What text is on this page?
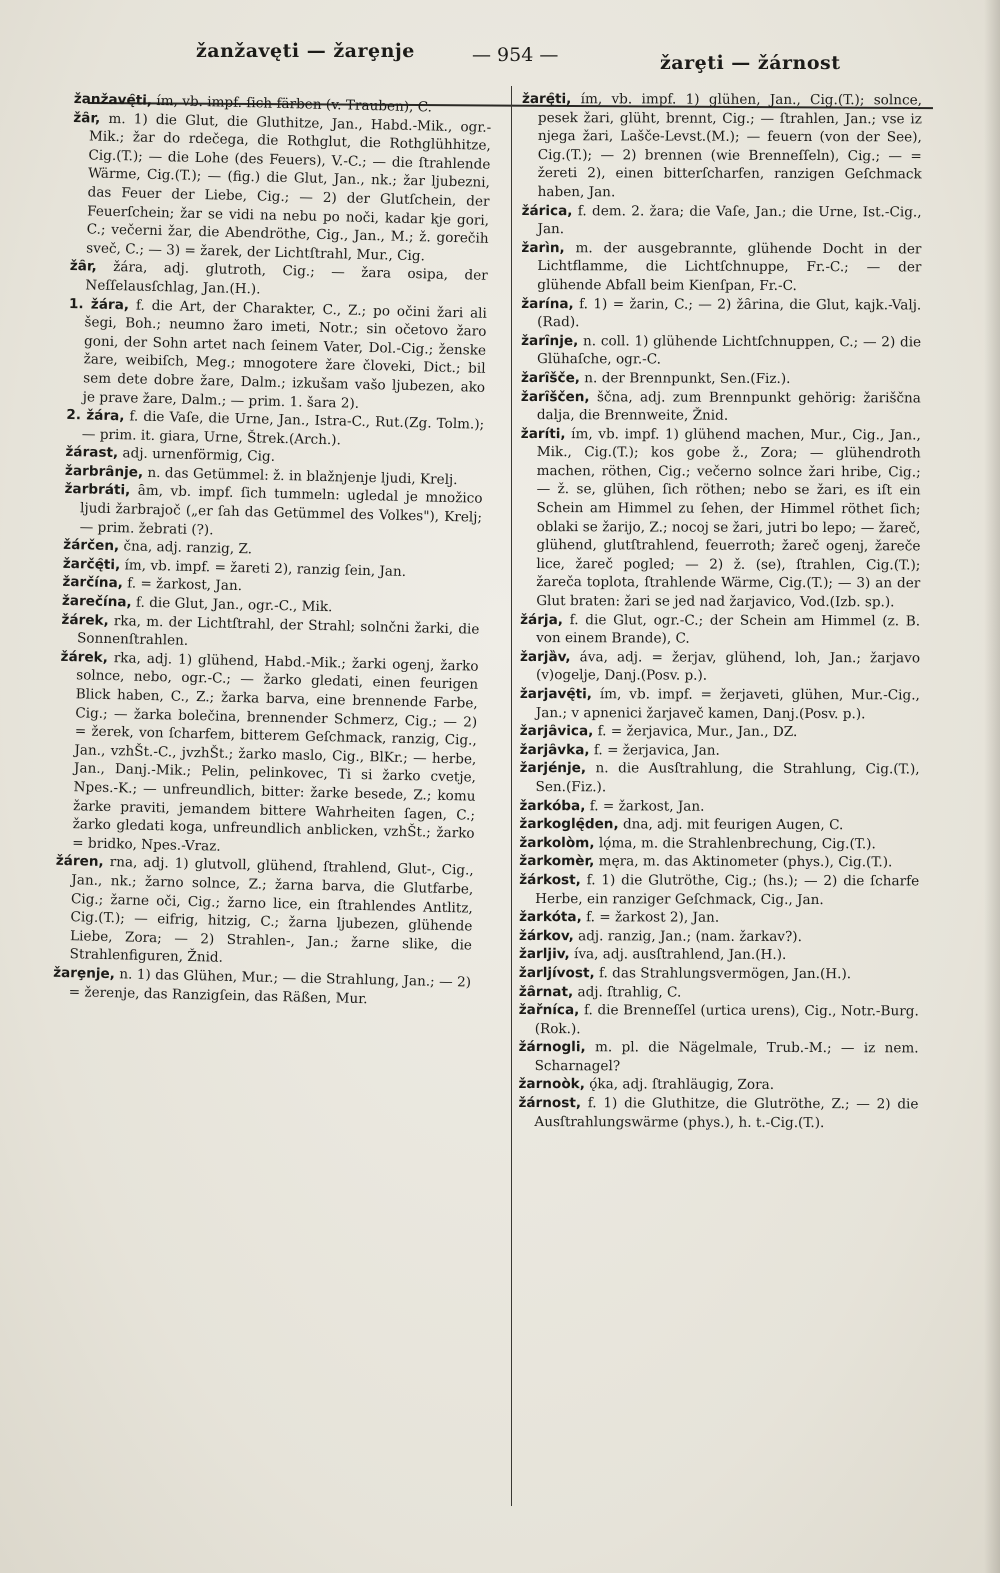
žanžavęti — žarȩnje	— 954 —	žarȩti — žárnost

žanžavę̑ti, ím, vb. impf. ſich färben (v. Trauben), C.

žȃr, m. 1) die Glut, die Gluthitze, Jan., Habd.-Mik., ogr.-Mik.; žar do rdečega, die Rothglut, die Rothglühhitze, Cig.(T.); — die Lohe (des Feuers), V.-C.; — die ſtrahlende Wärme, Cig.(T.); — (fig.) die Glut, Jan., nk.; žar ljubezni, das Feuer der Liebe, Cig.; — 2) der Glutſchein, der Feuerſchein; žar se vidi na nebu po noči, kadar kje gori, C.; večerni žar, die Abendröthe, Cig., Jan., M.; ž. gorečih sveč, C.; — 3) = žarek, der Lichtſtrahl, Mur., Cig.

žȃr, žára, adj. glutroth, Cig.; — žara osipa, der Neſſelausſchlag, Jan.(H.).

1. žára, f. die Art, der Charakter, C., Z.; po očini žari ali šegi, Boh.; neumno žaro imeti, Notr.; sin očetovo žaro goni, der Sohn artet nach ſeinem Vater, Dol.-Cig.; ženske žare, weibiſch, Meg.; mnogotere žare človeki, Dict.; bil sem dete dobre žare, Dalm.; izkušam vašo ljubezen, ako je prave žare, Dalm.; — prim. 1. šara 2).

2. žára, f. die Vaſe, die Urne, Jan., Istra-C., Rut.(Zg. Tolm.); — prim. it. giara, Urne, Štrek.(Arch.).

žárast, adj. urnenförmig, Cig.

žarbrȃnje, n. das Getümmel: ž. in blažnjenje ljudi, Krelj.

žarbráti, ȃm, vb. impf. ſich tummeln: ugledal je množico ljudi žarbrajoč („er ſah das Getümmel des Volkes"), Krelj; — prim. žebrati (?).

žárčen, čna, adj. ranzig, Z.

žarčę̑ti, ím, vb. impf. = žareti 2), ranzig ſein, Jan.

žarčína, f. = žarkost, Jan.

žarečína, f. die Glut, Jan., ogr.-C., Mik.

žárek, rka, m. der Lichtſtrahl, der Strahl; solnčni žarki, die Sonnenſtrahlen.

žárek, rka, adj. 1) glühend, Habd.-Mik.; žarki ogenj, žarko solnce, nebo, ogr.-C.; — žarko gledati, einen feurigen Blick haben, C., Z.; žarka barva, eine brennende Farbe, Cig.; — žarka bolečina, brennender Schmerz, Cig.; — 2) = žerek, von ſcharfem, bitterem Geſchmack, ranzig, Cig., Jan., vzhŠt.-C., jvzhŠt.; žarko maslo, Cig., BlKr.; — herbe, Jan., Danj.-Mik.; Pelin, pelinkovec, Ti si žarko cvetje, Npes.-K.; — unfreundlich, bitter: žarke besede, Z.; komu žarke praviti, jemandem bittere Wahrheiten ſagen, C.; žarko gledati koga, unfreundlich anblicken, vzhŠt.; žarko = bridko, Npes.-Vraz.

žáren, rna, adj. 1) glutvoll, glühend, ſtrahlend, Glut-, Cig., Jan., nk.; žarno solnce, Z.; žarna barva, die Glutfarbe, Cig.; žarne oči, Cig.; žarno lice, ein ſtrahlendes Antlitz, Cig.(T.); — eifrig, hitzig, C.; žarna ljubezen, glühende Liebe, Zora; — 2) Strahlen-, Jan.; žarne slike, die Strahlenfiguren, Žnid.

žarȩnje, n. 1) das Glühen, Mur.; — die Strahlung, Jan.; — 2) = žerenje, das Ranzigſein, das Räßen, Mur.

žarę̑ti, ím, vb. impf. 1) glühen, Jan., Cig.(T.); solnce, pesek žari, glüht, brennt, Cig.; — ſtrahlen, Jan.; vse iz njega žari, Lašče-Levst.(M.); — feuern (von der See), Cig.(T.); — 2) brennen (wie Brenneſſeln), Cig.; — = žereti 2), einen bitterſcharfen, ranzigen Geſchmack haben, Jan.

žárica, f. dem. 2. žara; die Vaſe, Jan.; die Urne, Ist.-Cig., Jan.

žarìn, m. der ausgebrannte, glühende Docht in der Lichtflamme, die Lichtſchnuppe, Fr.-C.; — der glühende Abfall beim Kienſpan, Fr.-C.

žarína, f. 1) = žarin, C.; — 2) žȃrina, die Glut, kajk.-Valj.(Rad).

žarȋnje, n. coll. 1) glühende Lichtſchnuppen, C.; — 2) die Glühaſche, ogr.-C.

žarȋšče, n. der Brennpunkt, Sen.(Fiz.).

žarȋščen, ščna, adj. zum Brennpunkt gehörig: žariščna dalja, die Brennweite, Žnid.

žaríti, ím, vb. impf. 1) glühend machen, Mur., Cig., Jan., Mik., Cig.(T.); kos gobe ž., Zora; — glühendroth machen, röthen, Cig.; večerno solnce žari hribe, Cig.; — ž. se, glühen, ſich röthen; nebo se žari, es iſt ein Schein am Himmel zu ſehen, der Himmel röthet ſich; oblaki se žarijo, Z.; nocoj se žari, jutri bo lepo; — žareč, glühend, glutſtrahlend, feuerroth; žareč ogenj, žareče lice, žareč pogled; — 2) ž. (se), ſtrahlen, Cig.(T.); žareča toplota, ſtrahlende Wärme, Cig.(T.); — 3) an der Glut braten: žari se jed nad žarjavico, Vod.(Izb. sp.).

žárja, f. die Glut, ogr.-C.; der Schein am Himmel (z. B. von einem Brande), C.

žarjȁv, áva, adj. = žerjav, glühend, loh, Jan.; žarjavo (v)ogelje, Danj.(Posv. p.).

žarjavę̑ti, ím, vb. impf. = žerjaveti, glühen, Mur.-Cig., Jan.; v apnenici žarjaveč kamen, Danj.(Posv. p.).

žarjȃvica, f. = žerjavica, Mur., Jan., DZ.

žarjȃvka, f. = žerjavica, Jan.

žarjénje, n. die Ausſtrahlung, die Strahlung, Cig.(T.), Sen.(Fiz.).

žarkóba, f. = žarkost, Jan.

žarkoglę̑den, dna, adj. mit feurigen Augen, C.

žarkolòm, lǫ́ma, m. die Strahlenbrechung, Cig.(T.).

žarkomèr, męra, m. das Aktinometer (phys.), Cig.(T.).

žárkost, f. 1) die Glutröthe, Cig.; (hs.); — 2) die ſcharfe Herbe, ein ranziger Geſchmack, Cig., Jan.

žarkóta, f. = žarkost 2), Jan.

žárkov, adj. ranzig, Jan.; (nam. žarkav?).

žarljiv, íva, adj. ausſtrahlend, Jan.(H.).

žarljívost, f. das Strahlungsvermögen, Jan.(H.).

žȃrnat, adj. ſtrahlig, C.

žařníca, f. die Brenneſſel (urtica urens), Cig., Notr.-Burg.(Rok.).

žárnogli, m. pl. die Nägelmale, Trub.-M.; — iz nem. Scharnagel?

žarnoòk, ǫ́ka, adj. ſtrahläugig, Zora.

žárnost, f. 1) die Gluthitze, die Glutröthe, Z.; — 2) die Ausſtrahlungswärme (phys.), h. t.-Cig.(T.).
